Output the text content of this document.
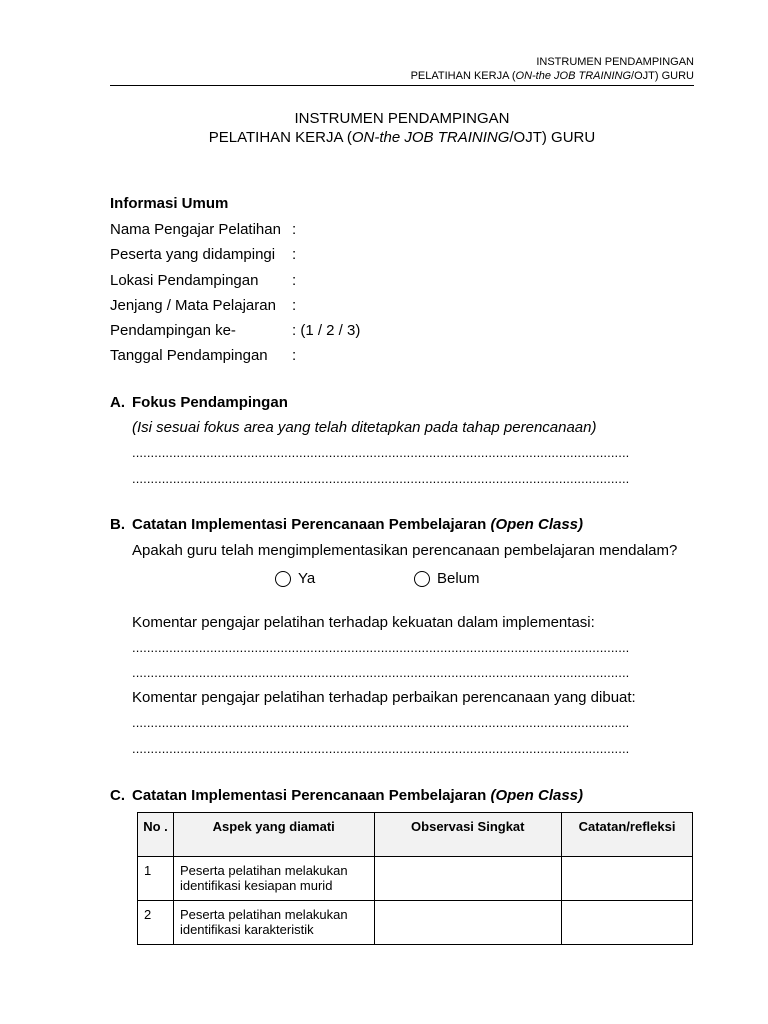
INSTRUMEN PENDAMPINGAN
PELATIHAN KERJA (ON-the JOB TRAINING/OJT) GURU
INSTRUMEN PENDAMPINGAN
PELATIHAN KERJA (ON-the JOB TRAINING/OJT) GURU
Informasi Umum
Nama Pengajar Pelatihan :
Peserta yang didampingi :
Lokasi Pendampingan :
Jenjang / Mata Pelajaran :
Pendampingan ke-	: (1 / 2 / 3)
Tanggal Pendampingan :
A. Fokus Pendampingan
(Isi sesuai fokus area yang telah ditetapkan pada tahap perencanaan)
......................................................................................................................................
......................................................................................................................................
B. Catatan Implementasi Perencanaan Pembelajaran (Open Class)
Apakah guru telah mengimplementasikan perencanaan pembelajaran mendalam?
Ya	Belum
Komentar pengajar pelatihan terhadap kekuatan dalam implementasi:
......................................................................................................................................
......................................................................................................................................
Komentar pengajar pelatihan terhadap perbaikan perencanaan yang dibuat:
......................................................................................................................................
......................................................................................................................................
C. Catatan Implementasi Perencanaan Pembelajaran (Open Class)
No .	Aspek yang diamati	Observasi Singkat	Catatan/refleksi
1	Peserta pelatihan melakukan identifikasi kesiapan murid		
2	Peserta pelatihan melakukan identifikasi karakteristik		
